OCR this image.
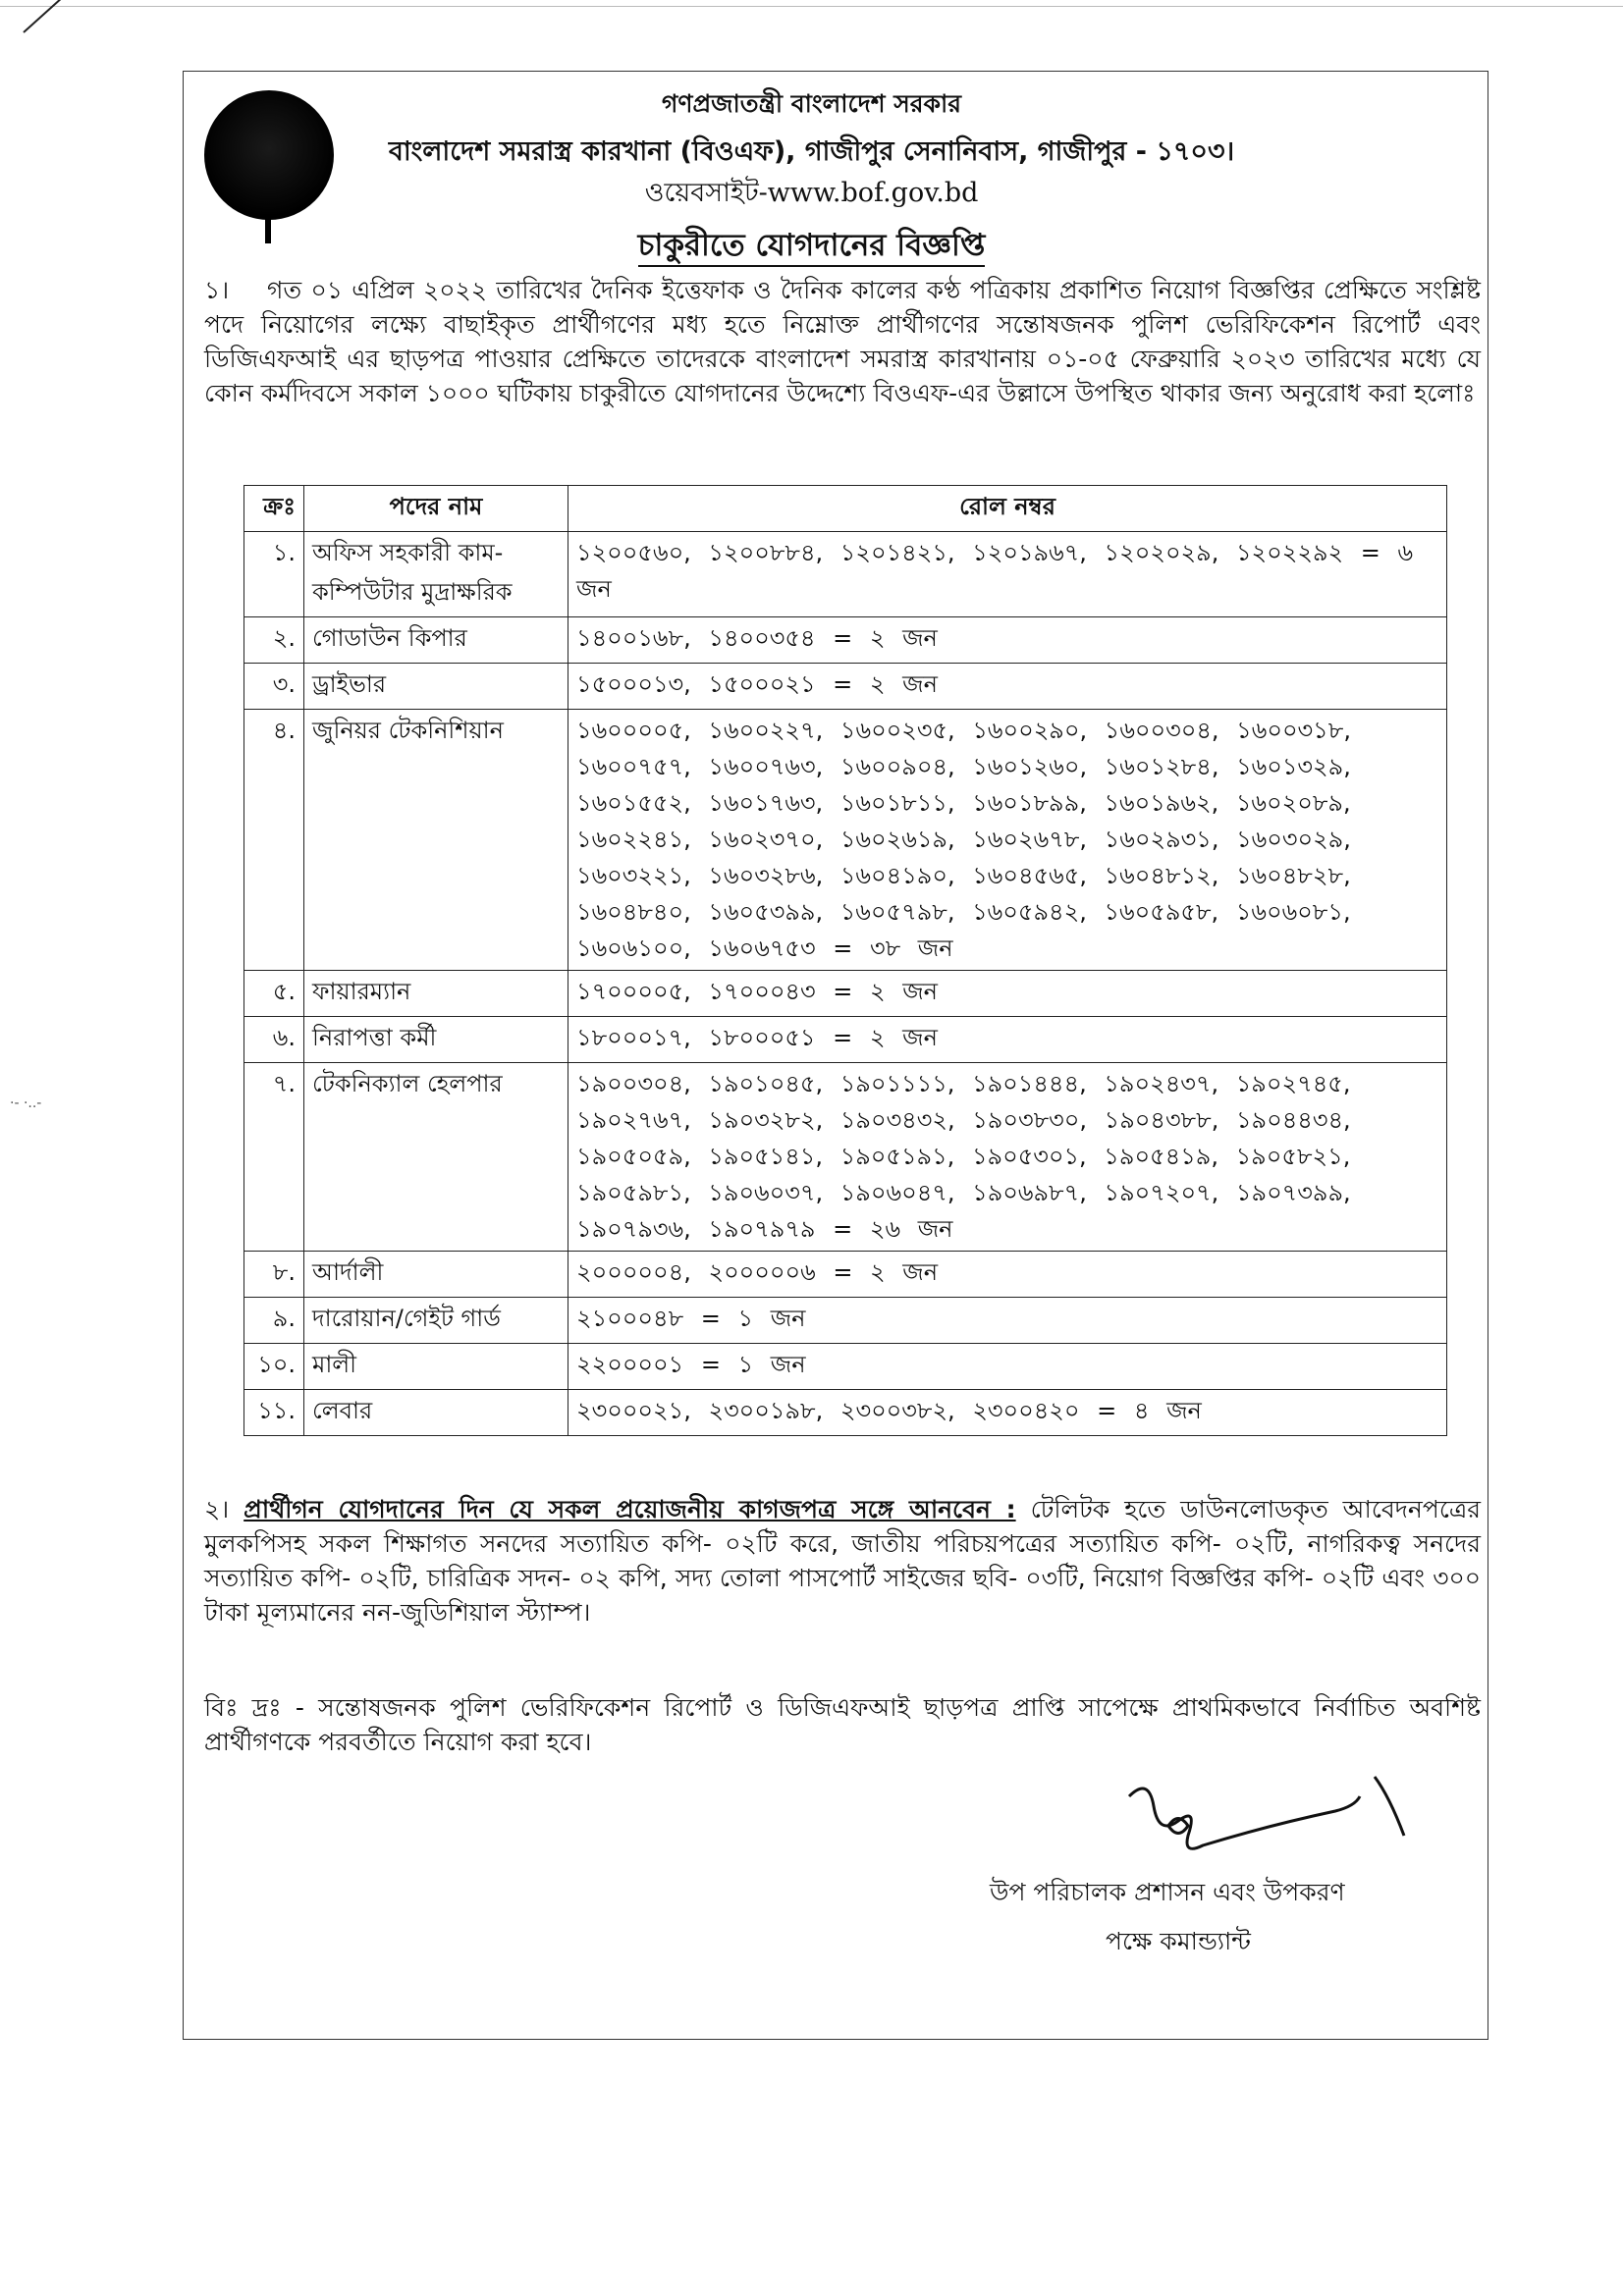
·- ·..-
গণপ্রজাতন্ত্রী বাংলাদেশ সরকার
বাংলাদেশ সমরাস্ত্র কারখানা (বিওএফ), গাজীপুর সেনানিবাস, গাজীপুর - ১৭০৩।
ওয়েবসাইট-www.bof.gov.bd
চাকুরীতে যোগদানের বিজ্ঞপ্তি
১। গত ০১ এপ্রিল ২০২২ তারিখের দৈনিক ইত্তেফাক ও দৈনিক কালের কণ্ঠ পত্রিকায় প্রকাশিত নিয়োগ বিজ্ঞপ্তির প্রেক্ষিতে সংশ্লিষ্ট পদে নিয়োগের লক্ষ্যে বাছাইকৃত প্রার্থীগণের মধ্য হতে নিম্নোক্ত প্রার্থীগণের সন্তোষজনক পুলিশ ভেরিফিকেশন রিপোর্ট এবং ডিজিএফআই এর ছাড়পত্র পাওয়ার প্রেক্ষিতে তাদেরকে বাংলাদেশ সমরাস্ত্র কারখানায় ০১-০৫ ফেব্রুয়ারি ২০২৩ তারিখের মধ্যে যে কোন কর্মদিবসে সকাল ১০০০ ঘটিকায় চাকুরীতে যোগদানের উদ্দেশ্যে বিওএফ-এর উল্লাসে উপস্থিত থাকার জন্য অনুরোধ করা হলোঃ
ক্রঃ	পদের নাম	রোল নম্বর
১.	অফিস সহকারী কাম-কম্পিউটার মুদ্রাক্ষরিক	১২০০৫৬০, ১২০০৮৮৪, ১২০১৪২১, ১২০১৯৬৭, ১২০২০২৯, ১২০২২৯২ = ৬ জন
২.	গোডাউন কিপার	১৪০০১৬৮, ১৪০০৩৫৪ = ২ জন
৩.	ড্রাইভার	১৫০০০১৩, ১৫০০০২১ = ২ জন
৪.	জুনিয়র টেকনিশিয়ান	১৬০০০০৫, ১৬০০২২৭, ১৬০০২৩৫, ১৬০০২৯০, ১৬০০৩০৪, ১৬০০৩১৮, ১৬০০৭৫৭, ১৬০০৭৬৩, ১৬০০৯০৪, ১৬০১২৬০, ১৬০১২৮৪, ১৬০১৩২৯, ১৬০১৫৫২, ১৬০১৭৬৩, ১৬০১৮১১, ১৬০১৮৯৯, ১৬০১৯৬২, ১৬০২০৮৯, ১৬০২২৪১, ১৬০২৩৭০, ১৬০২৬১৯, ১৬০২৬৭৮, ১৬০২৯৩১, ১৬০৩০২৯, ১৬০৩২২১, ১৬০৩২৮৬, ১৬০৪১৯০, ১৬০৪৫৬৫, ১৬০৪৮১২, ১৬০৪৮২৮, ১৬০৪৮৪০, ১৬০৫৩৯৯, ১৬০৫৭৯৮, ১৬০৫৯৪২, ১৬০৫৯৫৮, ১৬০৬০৮১, ১৬০৬১০০, ১৬০৬৭৫৩ = ৩৮ জন
৫.	ফায়ারম্যান	১৭০০০০৫, ১৭০০০৪৩ = ২ জন
৬.	নিরাপত্তা কর্মী	১৮০০০১৭, ১৮০০০৫১ = ২ জন
৭.	টেকনিক্যাল হেলপার	১৯০০৩০৪, ১৯০১০৪৫, ১৯০১১১১, ১৯০১৪৪৪, ১৯০২৪৩৭, ১৯০২৭৪৫, ১৯০২৭৬৭, ১৯০৩২৮২, ১৯০৩৪৩২, ১৯০৩৮৩০, ১৯০৪৩৮৮, ১৯০৪৪৩৪, ১৯০৫০৫৯, ১৯০৫১৪১, ১৯০৫১৯১, ১৯০৫৩০১, ১৯০৫৪১৯, ১৯০৫৮২১, ১৯০৫৯৮১, ১৯০৬০৩৭, ১৯০৬০৪৭, ১৯০৬৯৮৭, ১৯০৭২০৭, ১৯০৭৩৯৯, ১৯০৭৯৩৬, ১৯০৭৯৭৯ = ২৬ জন
৮.	আর্দালী	২০০০০০৪, ২০০০০০৬ = ২ জন
৯.	দারোয়ান/গেইট গার্ড	২১০০০৪৮ = ১ জন
১০.	মালী	২২০০০০১ = ১ জন
১১.	লেবার	২৩০০০২১, ২৩০০১৯৮, ২৩০০৩৮২, ২৩০০৪২০ = ৪ জন
২। প্রার্থীগন যোগদানের দিন যে সকল প্রয়োজনীয় কাগজপত্র সঙ্গে আনবেন : টেলিটক হতে ডাউনলোডকৃত আবেদনপত্রের মুলকপিসহ সকল শিক্ষাগত সনদের সত্যায়িত কপি- ০২টি করে, জাতীয় পরিচয়পত্রের সত্যায়িত কপি- ০২টি, নাগরিকত্ব সনদের সত্যায়িত কপি- ০২টি, চারিত্রিক সদন- ০২ কপি, সদ্য তোলা পাসপোর্ট সাইজের ছবি- ০৩টি, নিয়োগ বিজ্ঞপ্তির কপি- ০২টি এবং ৩০০ টাকা মূল্যমানের নন-জুডিশিয়াল স্ট্যাম্প।
বিঃ দ্রঃ - সন্তোষজনক পুলিশ ভেরিফিকেশন রিপোর্ট ও ডিজিএফআই ছাড়পত্র প্রাপ্তি সাপেক্ষে প্রাথমিকভাবে নির্বাচিত অবশিষ্ট প্রার্থীগণকে পরবর্তীতে নিয়োগ করা হবে।
উপ পরিচালক প্রশাসন এবং উপকরণ
পক্ষে কমান্ড্যান্ট
